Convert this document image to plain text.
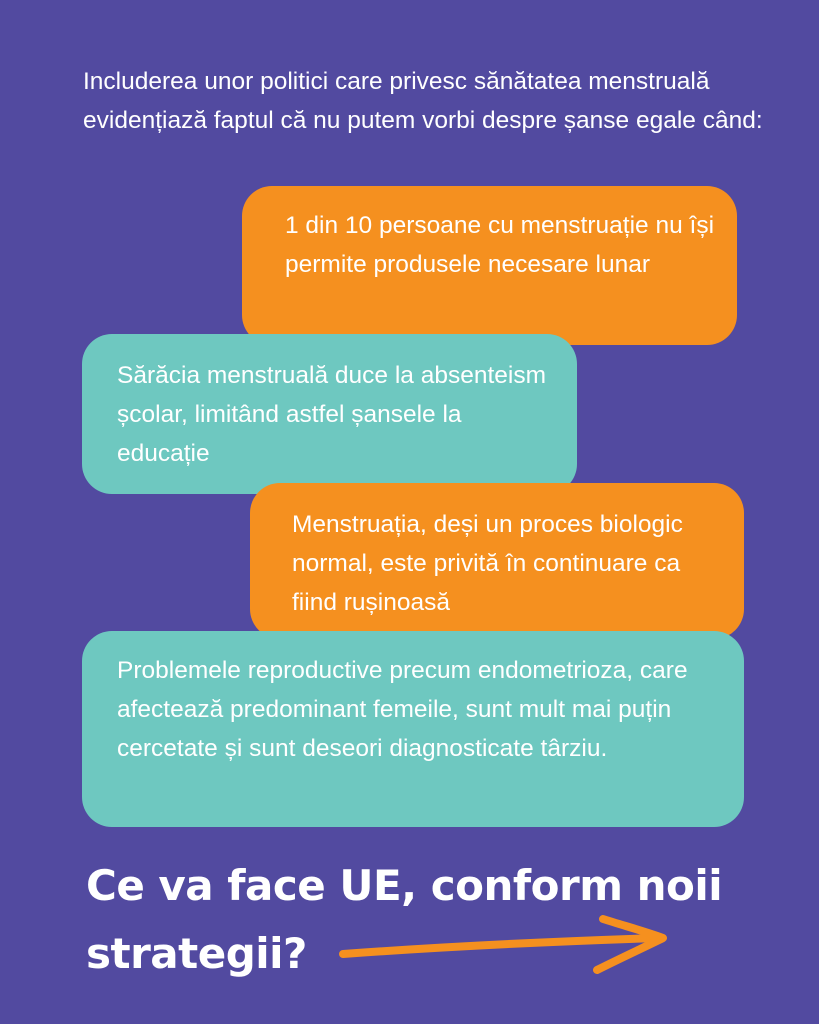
Includerea unor politici care privesc sănătatea menstruală evidențiază faptul că nu putem vorbi despre șanse egale când:

1 din 10 persoane cu menstruație nu își permite produsele necesare lunar

Sărăcia menstruală duce la absenteism școlar, limitând astfel șansele la educație

Menstruația, deși un proces biologic normal, este privită în continuare ca fiind rușinoasă

Problemele reproductive precum endometrioza, care afectează predominant femeile, sunt mult mai puțin cercetate și sunt deseori diagnosticate târziu.

Ce va face UE, conform noii strategii?
